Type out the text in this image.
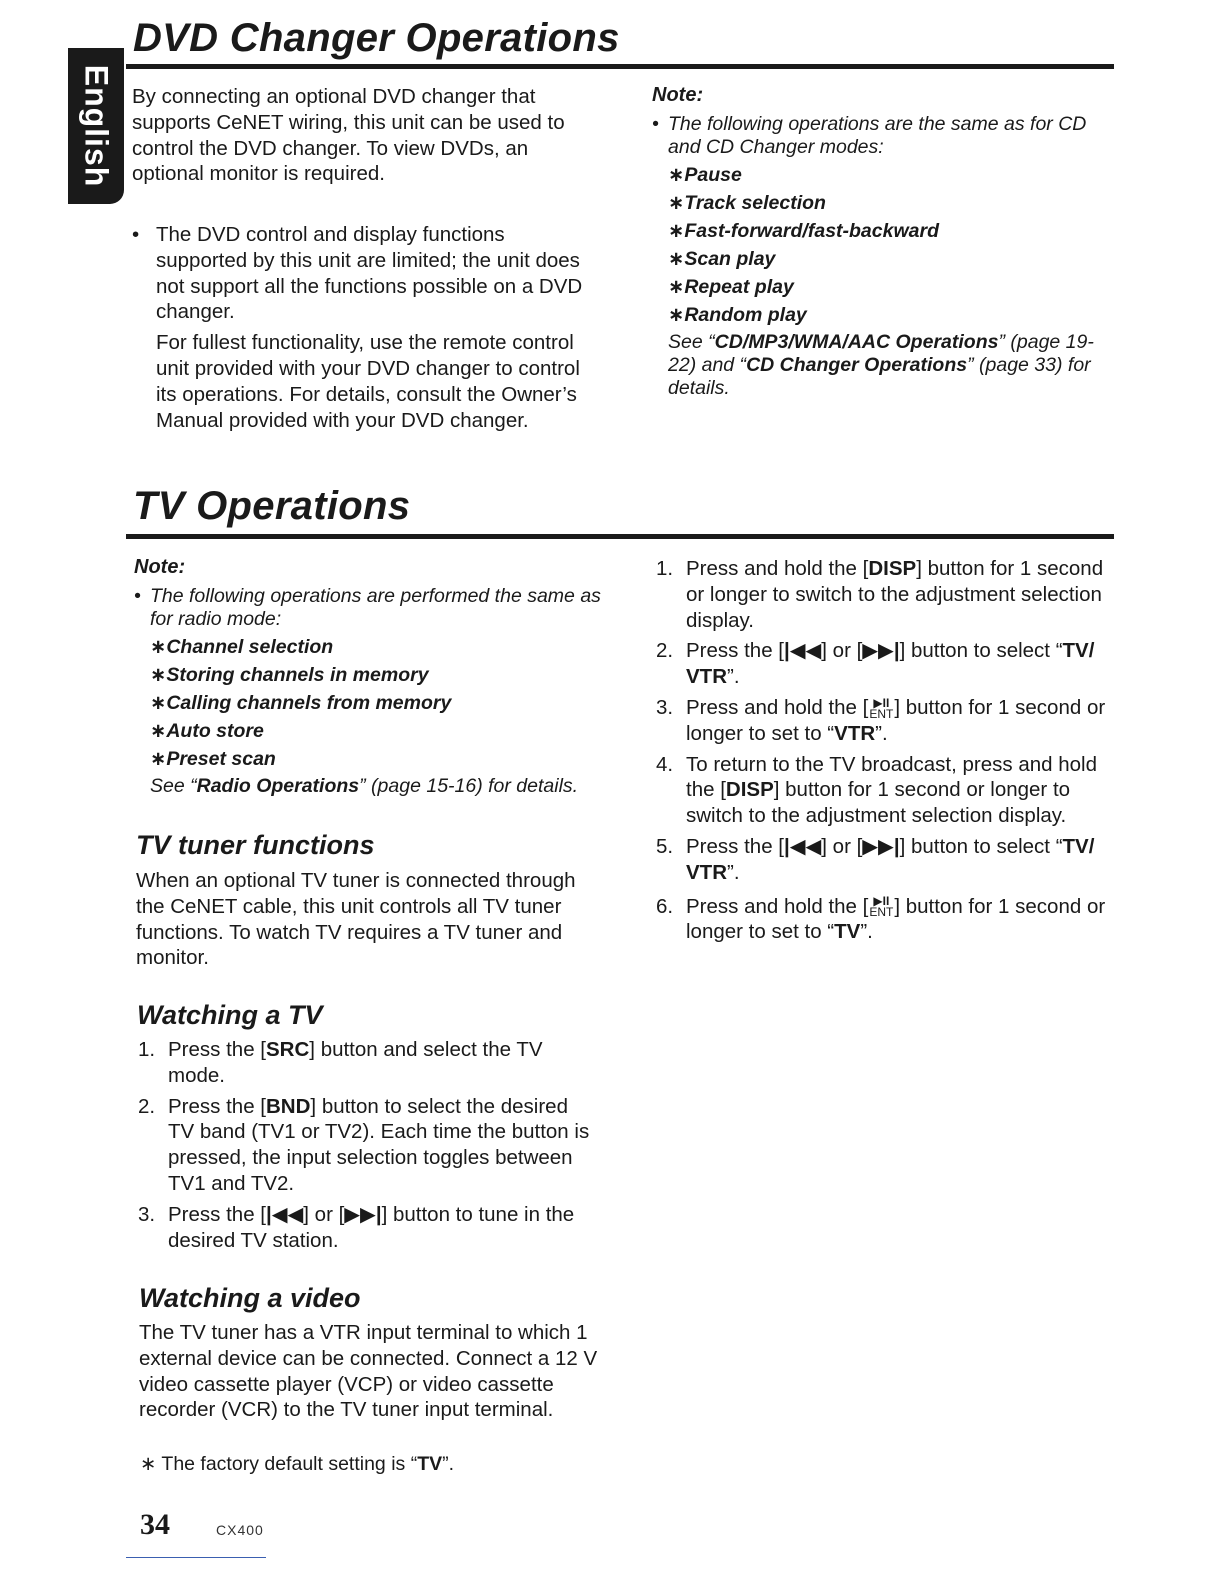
English
DVD Changer Operations
By connecting an optional DVD changer that supports CeNET wiring, this unit can be used to control the DVD changer. To view DVDs, an optional monitor is required.
• The DVD control and display functions supported by this unit are limited; the unit does not support all the functions possible on a DVD changer.
For fullest functionality, use the remote control unit provided with your DVD changer to control its operations. For details, consult the Owner’s Manual provided with your DVD changer.
Note:
• The following operations are the same as for CD and CD Changer modes:
∗Pause
∗Track selection
∗Fast-forward/fast-backward
∗Scan play
∗Repeat play
∗Random play
See “CD/MP3/WMA/AAC Operations” (page 19-22) and “CD Changer Operations” (page 33) for details.
TV Operations
Note:
• The following operations are performed the same as for radio mode:
∗Channel selection
∗Storing channels in memory
∗Calling channels from memory
∗Auto store
∗Preset scan
See “Radio Operations” (page 15-16) for details.
TV tuner functions
When an optional TV tuner is connected through the CeNET cable, this unit controls all TV tuner functions. To watch TV requires a TV tuner and monitor.
Watching a TV
1. Press the [SRC] button and select the TV mode.
2. Press the [BND] button to select the desired TV band (TV1 or TV2). Each time the button is pressed, the input selection toggles between TV1 and TV2.
3. Press the [|◀◀] or [▶▶|] button to tune in the desired TV station.
Watching a video
The TV tuner has a VTR input terminal to which 1 external device can be connected. Connect a 12 V video cassette player (VCP) or video cassette recorder (VCR) to the TV tuner input terminal.
∗ The factory default setting is “TV”.
1. Press and hold the [DISP] button for 1 second or longer to switch to the adjustment selection display.
2. Press the [|◀◀] or [▶▶|] button to select “TV/ VTR”.
3. Press and hold the [ ▶II
ENT ] button for 1 second or longer to set to “VTR”.
4. To return to the TV broadcast, press and hold the [DISP] button for 1 second or longer to switch to the adjustment selection display.
5. Press the [|◀◀] or [▶▶|] button to select “TV/ VTR”.
6. Press and hold the [ ▶II
ENT ] button for 1 second or longer to set to “TV”.
34	CX400
